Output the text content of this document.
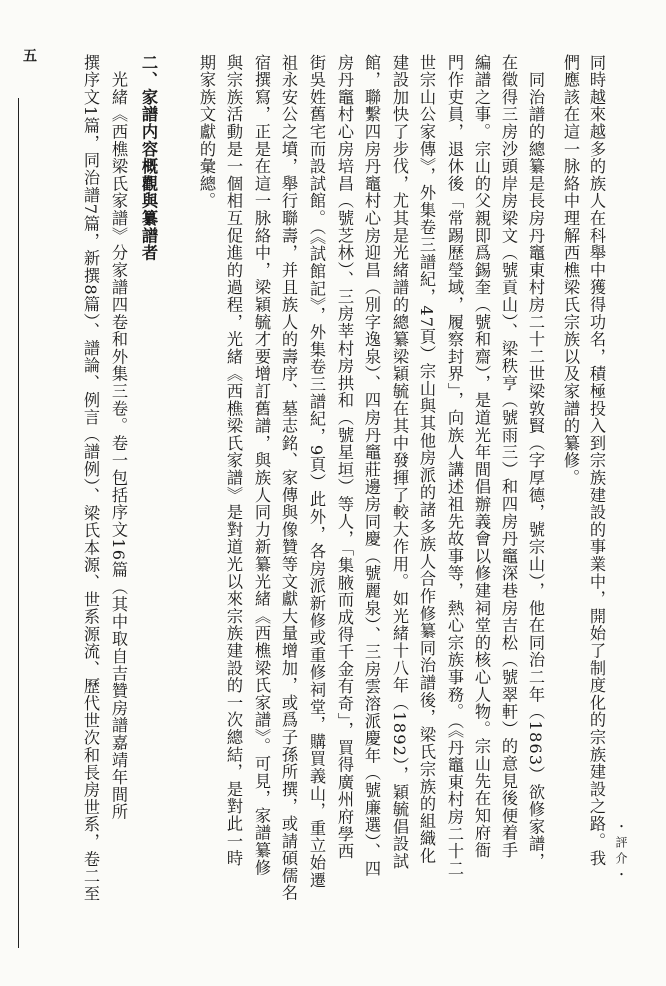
・評介・
同時越來越多的族人在科舉中獲得功名，積極投入到宗族建設的事業中，開始了制度化的宗族建設之路。我
們應該在這一脉絡中理解西樵梁氏宗族以及家譜的纂修。
　同治譜的總纂是長房丹竈東村房二十二世梁敦賢（字厚德，號宗山），他在同治二年（1863）欲修家譜，
在徵得三房沙頭岸房梁文（號貢山）、梁秩亨（號雨三）和四房丹竈深巷房吉松（號翠軒）的意見後便着手
編譜之事。宗山的父親即爲錫奎（號和齋），是道光年間倡辦義會以修建祠堂的核心人物。宗山先在知府衙
門作吏員，退休後「常踢歷瑩域，履察封界」，向族人講述祖先故事等，熱心宗族事務。（《丹竈東村房二十二
世宗山公家傳》，外集卷三譜紀，47頁）宗山與其他房派的諸多族人合作修纂同治譜後，梁氏宗族的組織化
建設加快了步伐，尤其是光緒譜的總纂梁穎毓在其中發揮了較大作用。如光緒十八年（1892），穎毓倡設試
館，聯繫四房丹竈村心房迎昌（別字逸泉）、四房丹竈莊邊房同慶（號麗泉）、三房雲溶派慶年（號廉選）、四
房丹竈村心房培昌（號芝林）、三房莘村房拱和（號星垣）等人，「集腋而成得千金有奇」，買得廣州府學西
街吳姓舊宅而設試館。（《試館記》，外集卷三譜紀，9頁）此外，各房派新修或重修祠堂，購買義山，重立始遷
祖永安公之墳，舉行聯壽，并且族人的壽序、墓志銘、家傳與像贊等文獻大量增加，或爲子孫所撰，或請碩儒名
宿撰寫，正是在這一脉絡中，梁穎毓才要增訂舊譜，與族人同力新纂光緒《西樵梁氏家譜》。可見，家譜纂修
與宗族活動是一個相互促進的過程，光緒《西樵梁氏家譜》是對道光以來宗族建設的一次總結，是對此一時
期家族文獻的彙總。
二、家譜内容概觀與纂譜者
　光緒《西樵梁氏家譜》分家譜四卷和外集三卷。卷一包括序文16篇（其中取自吉贊房譜嘉靖年間所
撰序文1篇，同治譜7篇，新撰8篇）、譜論、例言（譜例）、梁氏本源、世系源流、歷代世次和長房世系，卷二至
五
